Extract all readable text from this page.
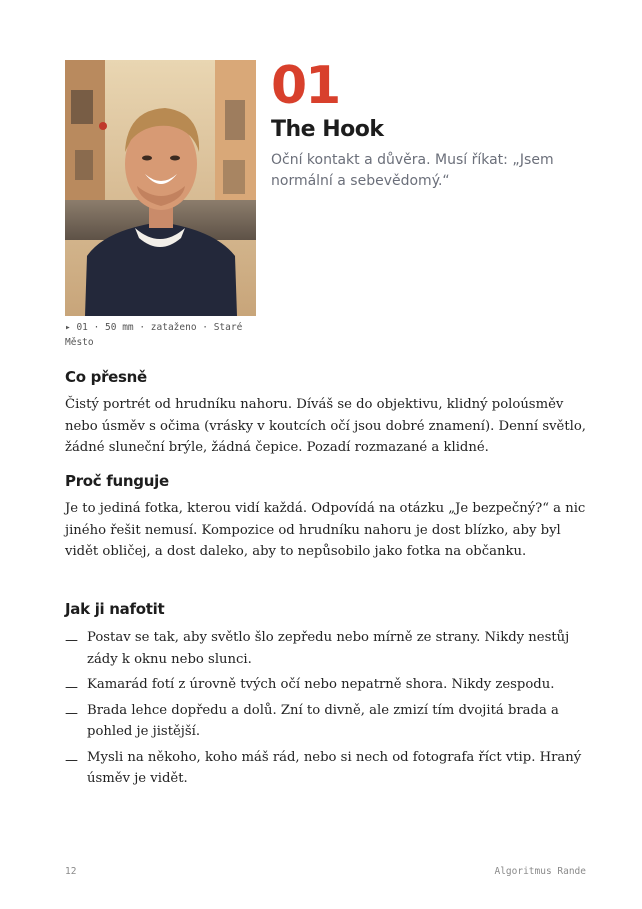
▸ 01 · 50 mm · zataženo · Staré Město
01
The Hook
Oční kontakt a důvěra. Musí říkat: „Jsem normální a sebevědomý.“
Co přesně

Čistý portrét od hrudníku nahoru. Díváš se do objektivu, klidný poloúsměv nebo úsměv s očima (vrásky v koutcích očí jsou dobré znamení). Denní světlo, žádné sluneční brýle, žádná čepice. Pozadí rozmazané a klidné.

Proč funguje

Je to jediná fotka, kterou vidí každá. Odpovídá na otázku „Je bezpečný?“ a nic jiného řešit nemusí. Kompozice od hrudníku nahoru je dost blízko, aby byl vidět obličej, a dost daleko, aby to nepůsobilo jako fotka na občanku.

Jak ji nafotit
— Postav se tak, aby světlo šlo zepředu nebo mírně ze strany. Nikdy nestůj zády k oknu nebo slunci.
— Kamarád fotí z úrovně tvých očí nebo nepatrně shora. Nikdy zespodu.
— Brada lehce dopředu a dolů. Zní to divně, ale zmizí tím dvojitá brada a pohled je jistější.
— Mysli na někoho, koho máš rád, nebo si nech od fotografa říct vtip. Hraný úsměv je vidět.
12	Algoritmus Rande
